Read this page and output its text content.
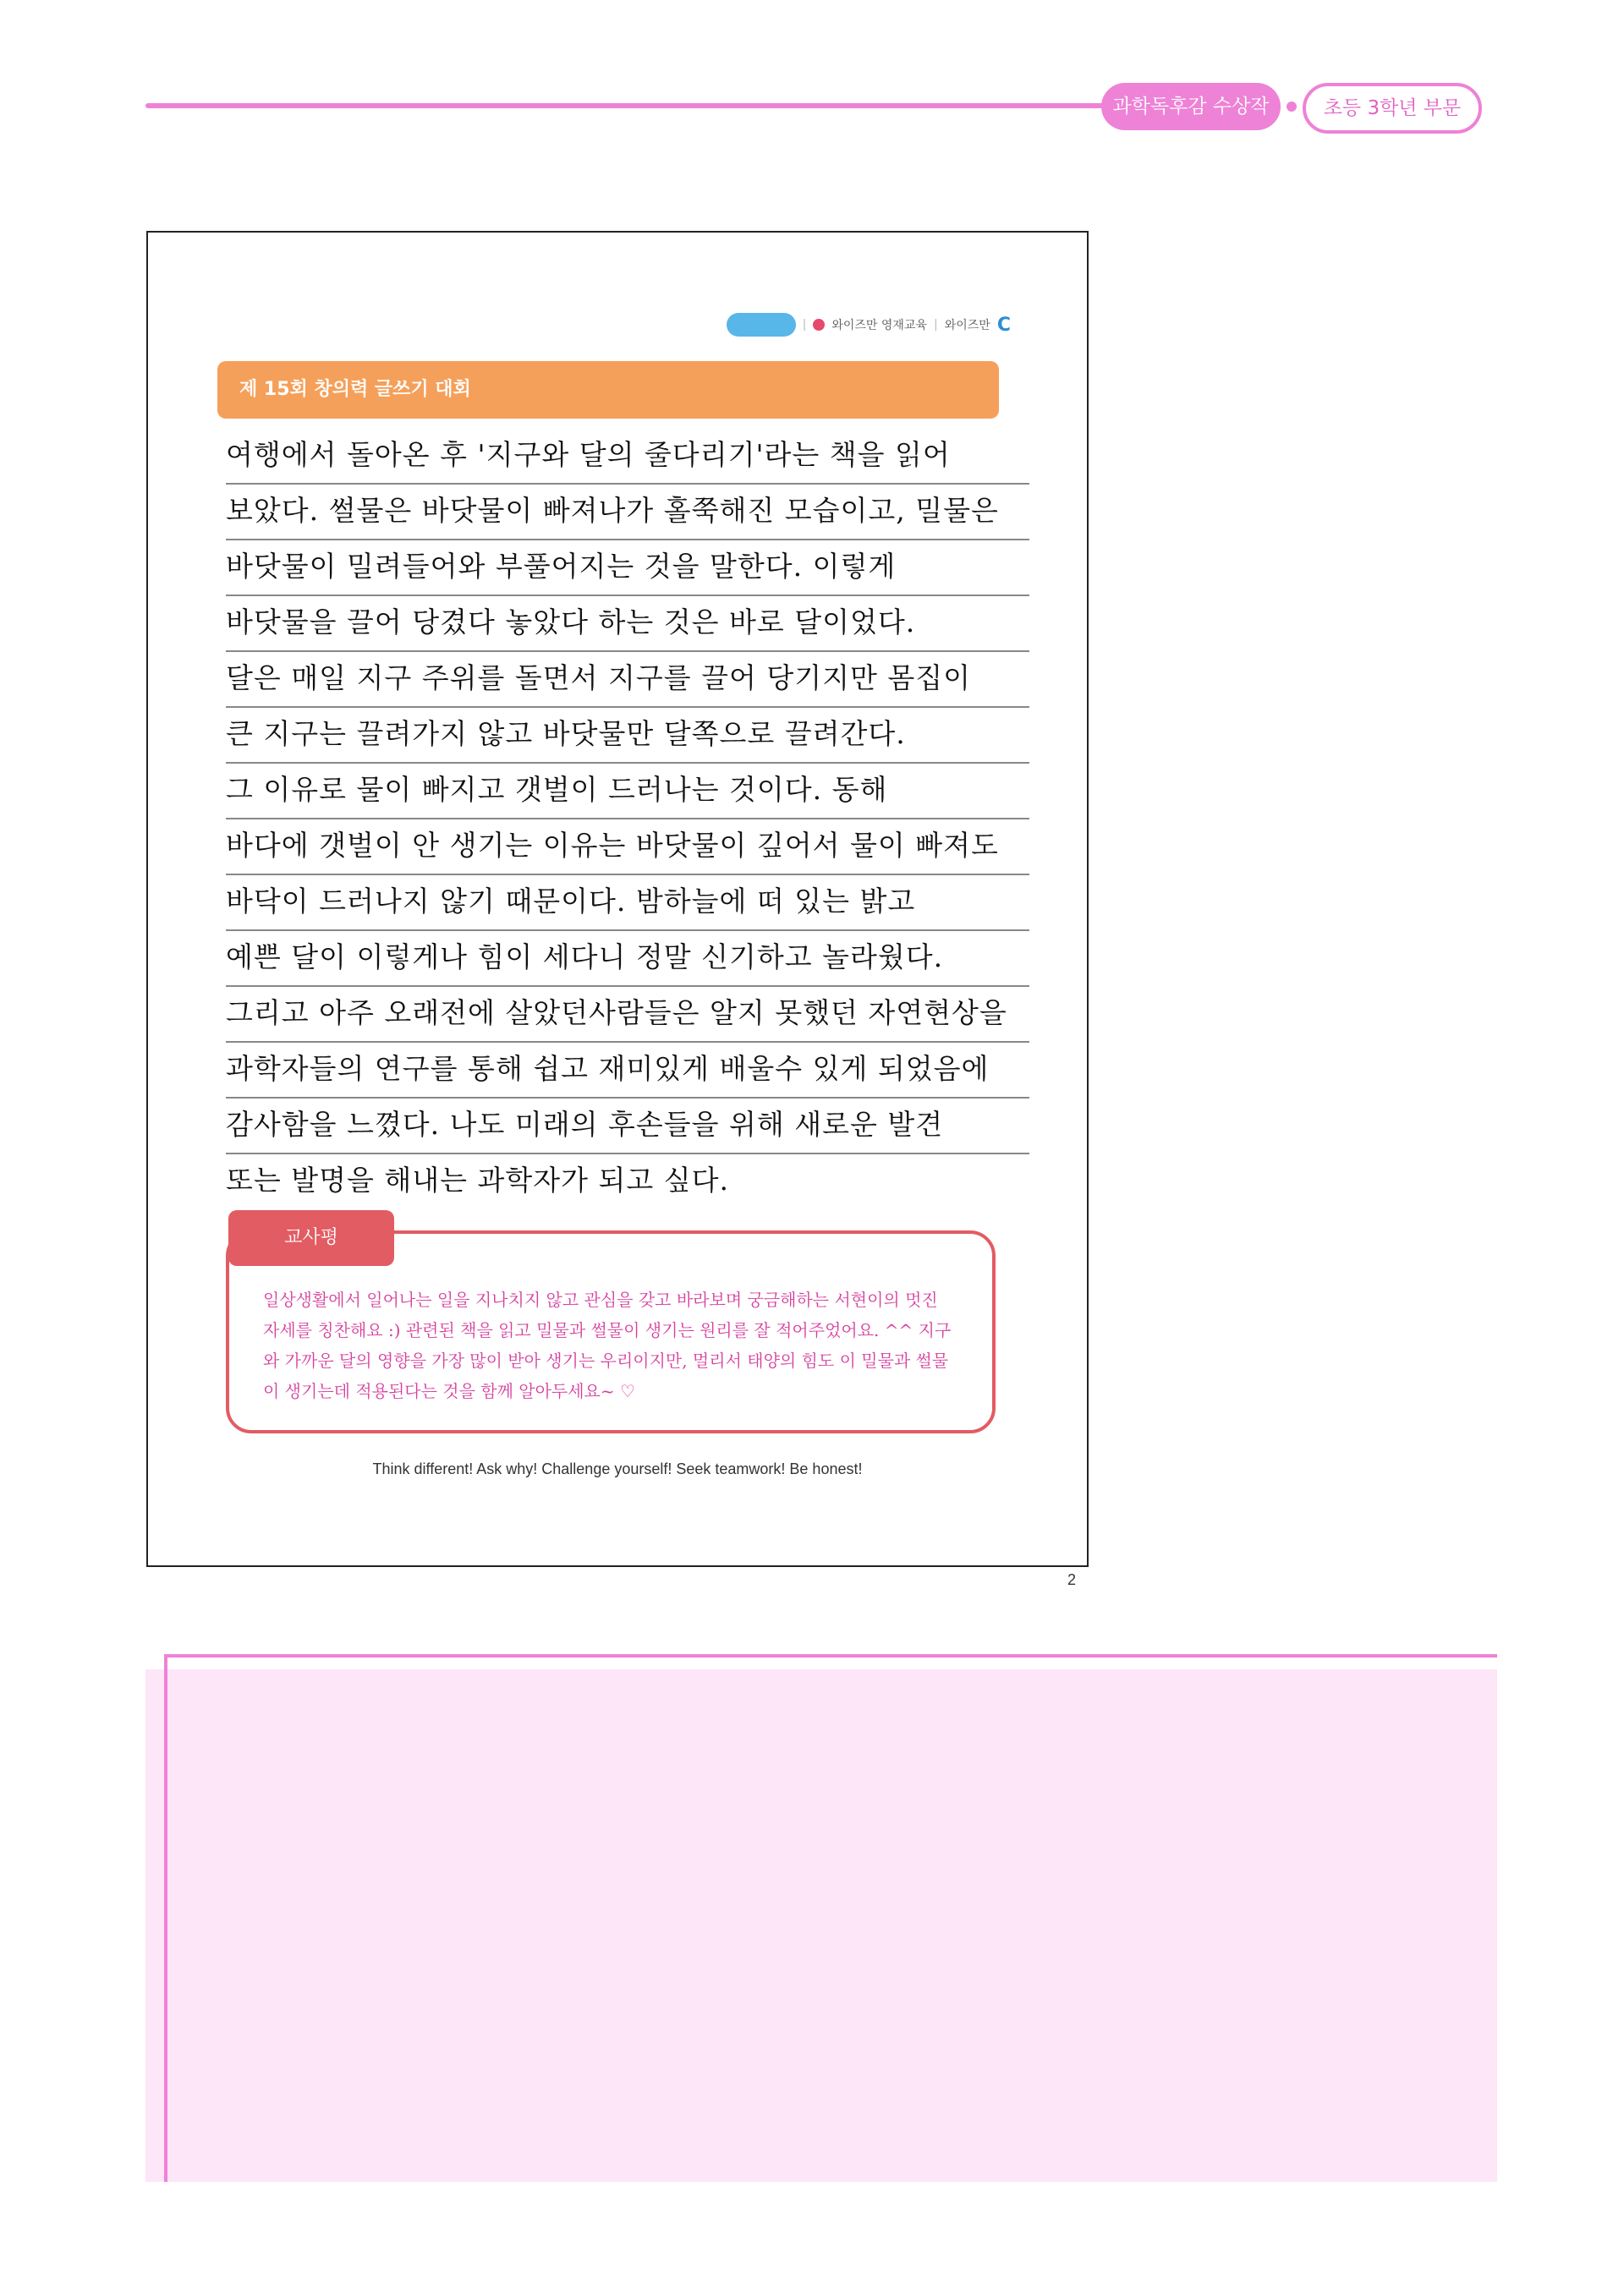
과학독후감 수상작	초등 3학년 부문
| 와이즈만 영재교육 | 와이즈만 C
제 15회 창의력 글쓰기 대회
여행에서 돌아온 후 '지구와 달의 줄다리기'라는 책을 읽어
보았다. 썰물은 바닷물이 빠져나가 홀쭉해진 모습이고, 밀물은
바닷물이 밀려들어와 부풀어지는 것을 말한다. 이렇게
바닷물을 끌어 당겼다 놓았다 하는 것은 바로 달이었다.
달은 매일 지구 주위를 돌면서 지구를 끌어 당기지만 몸집이
큰 지구는 끌려가지 않고 바닷물만 달쪽으로 끌려간다.
그 이유로 물이 빠지고 갯벌이 드러나는 것이다. 동해
바다에 갯벌이 안 생기는 이유는 바닷물이 깊어서 물이 빠져도
바닥이 드러나지 않기 때문이다. 밤하늘에 떠 있는 밝고
예쁜 달이 이렇게나 힘이 세다니 정말 신기하고 놀라웠다.
그리고 아주 오래전에 살았던사람들은 알지 못했던 자연현상을
과학자들의 연구를 통해 쉽고 재미있게 배울수 있게 되었음에
감사함을 느꼈다. 나도 미래의 후손들을 위해 새로운 발견
또는 발명을 해내는 과학자가 되고 싶다.
일상생활에서 일어나는 일을 지나치지 않고 관심을 갖고 바라보며 궁금해하는 서현이의 멋진 자세를 칭찬해요 :) 관련된 책을 읽고 밀물과 썰물이 생기는 원리를 잘 적어주었어요. ^^ 지구와 가까운 달의 영향을 가장 많이 받아 생기는 우리이지만, 멀리서 태양의 힘도 이 밀물과 썰물이 생기는데 적용된다는 것을 함께 알아두세요~ ♡
교사평
Think different! Ask why! Challenge yourself! Seek teamwork! Be honest!
2
